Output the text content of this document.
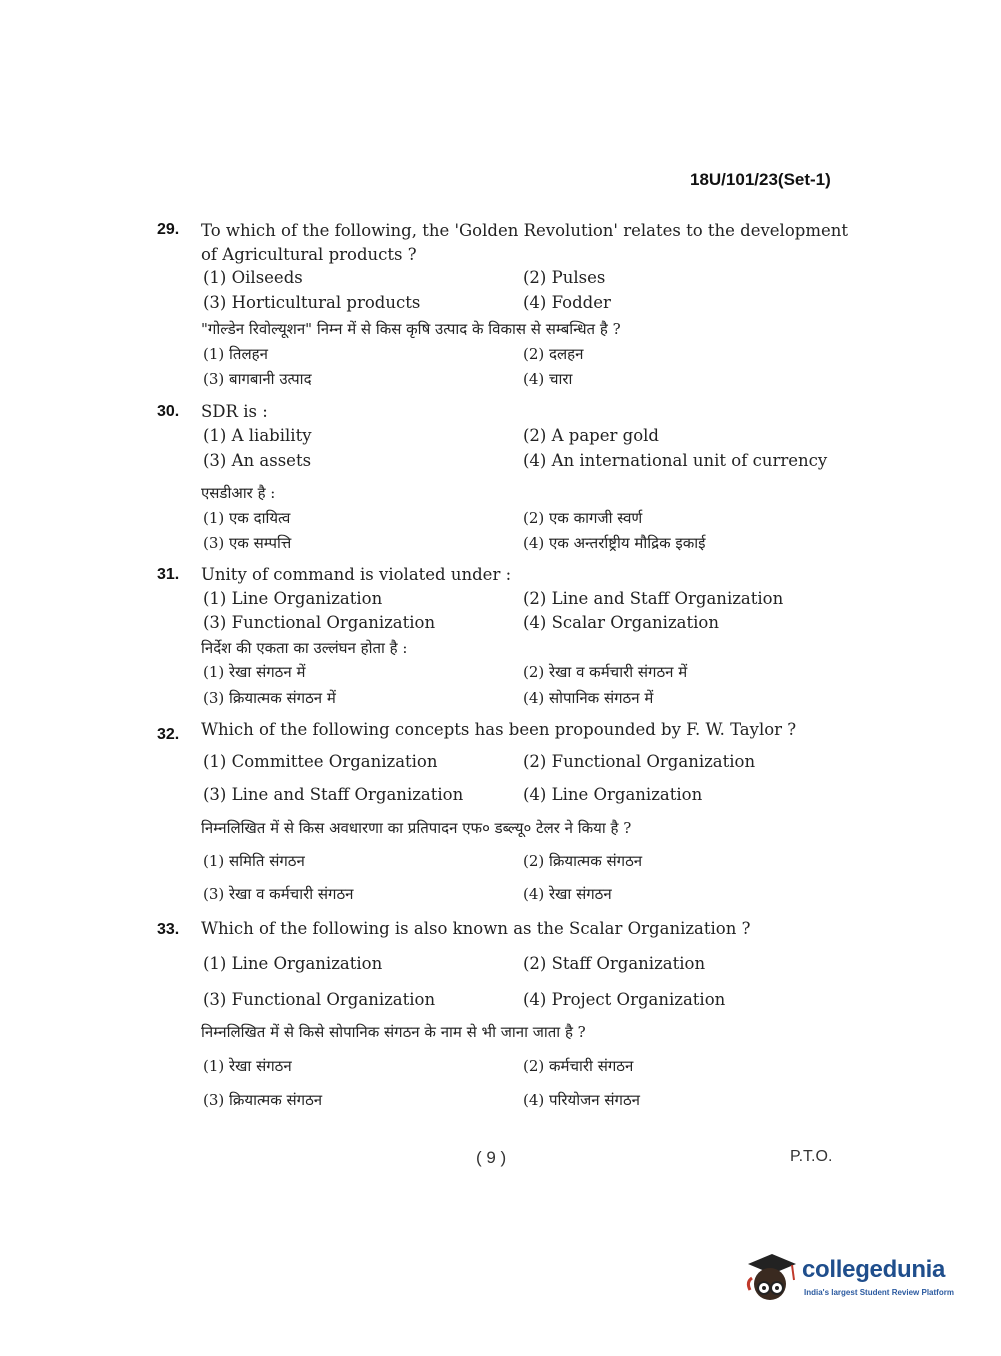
18U/101/23(Set-1)
29. To which of the following, the 'Golden Revolution' relates to the development
of Agricultural products ?
(1) Oilseeds	(2) Pulses
(3) Horticultural products	(4) Fodder
"गोल्डेन रिवोल्यूशन" निम्न में से किस कृषि उत्पाद के विकास से सम्बन्धित है ?
(1) तिलहन	(2) दलहन
(3) बागबानी उत्पाद	(4) चारा
30. SDR is :
(1) A liability	(2) A paper gold
(3) An assets	(4) An international unit of currency
एसडीआर है :
(1) एक दायित्व	(2) एक कागजी स्वर्ण
(3) एक सम्पत्ति	(4) एक अन्तर्राष्ट्रीय मौद्रिक इकाई
31. Unity of command is violated under :
(1) Line Organization	(2) Line and Staff Organization
(3) Functional Organization	(4) Scalar Organization
निर्देश की एकता का उल्लंघन होता है :
(1) रेखा संगठन में	(2) रेखा व कर्मचारी संगठन में
(3) क्रियात्मक संगठन में	(4) सोपानिक संगठन में
32. Which of the following concepts has been propounded by F. W. Taylor ?
(1) Committee Organization	(2) Functional Organization
(3) Line and Staff Organization	(4) Line Organization
निम्नलिखित में से किस अवधारणा का प्रतिपादन एफ० डब्ल्यू० टेलर ने किया है ?
(1) समिति संगठन	(2) क्रियात्मक संगठन
(3) रेखा व कर्मचारी संगठन	(4) रेखा संगठन
33. Which of the following is also known as the Scalar Organization ?
(1) Line Organization	(2) Staff Organization
(3) Functional Organization	(4) Project Organization
निम्नलिखित में से किसे सोपानिक संगठन के नाम से भी जाना जाता है ?
(1) रेखा संगठन	(2) कर्मचारी संगठन
(3) क्रियात्मक संगठन	(4) परियोजन संगठन
( 9 )	P.T.O.
collegedunia
India's largest Student Review Platform
